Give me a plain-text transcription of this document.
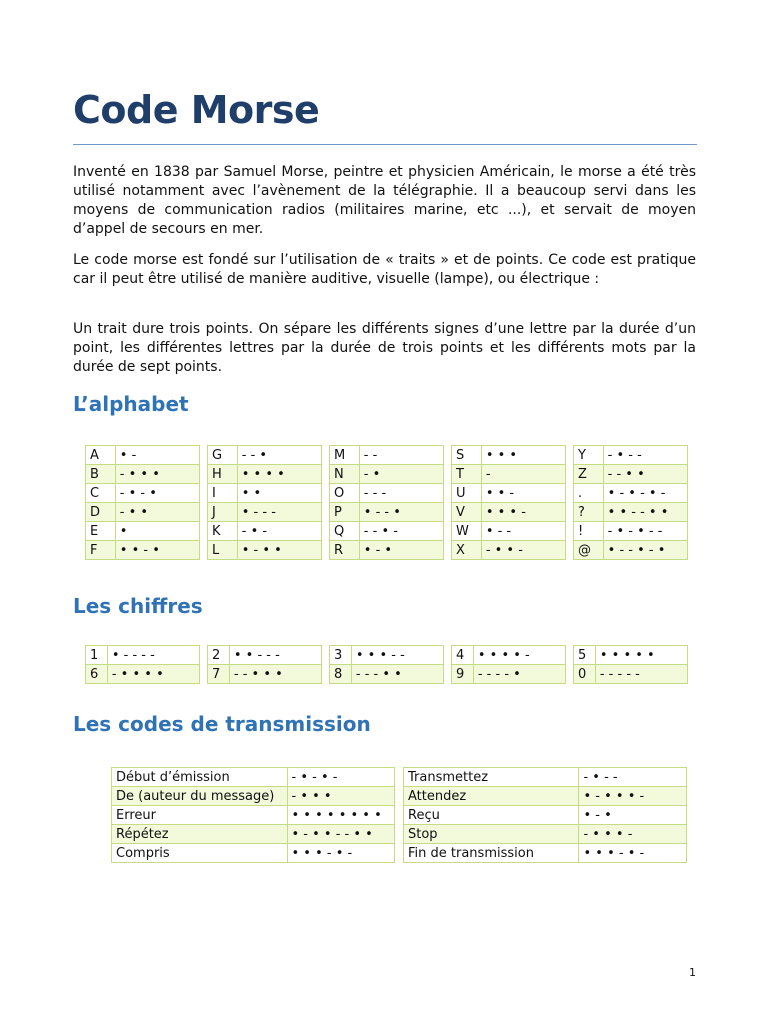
Code Morse

Inventé en 1838 par Samuel Morse, peintre et physicien Américain, le morse a été très utilisé notamment avec l’avènement de la télégraphie. Il a beaucoup servi dans les moyens de communication radios (militaires marine, etc ...), et servait de moyen d’appel de secours en mer.

Le code morse est fondé sur l’utilisation de « traits » et de points. Ce code est pratique car il peut être utilisé de manière auditive, visuelle (lampe), ou électrique :

Un trait dure trois points. On sépare les différents signes d’une lettre par la durée d’un point, les différentes lettres par la durée de trois points et les différents mots par la durée de sept points.

L’alphabet
A	• -
B	- • • •
C	- • - •
D	- • •
E	•
F	• • - •
G	- - •
H	• • • •
I	• •
J	• - - -
K	- • -
L	• - • •
M	- -
N	- •
O	- - -
P	• - - •
Q	- - • -
R	• - •
S	• • •
T	-
U	• • -
V	• • • -
W	• - -
X	- • • -
Y	- • - -
Z	- - • •
.	• - • - • -
?	• • - - • •
!	- • - • - -
@	• - - • - •
Les chiffres
1	• - - - -
6	- • • • •
2	• • - - -
7	- - • • •
3	• • • - -
8	- - - • •
4	• • • • -
9	- - - - •
5	• • • • •
0	- - - - -
Les codes de transmission
Début d’émission	- • - • -
De (auteur du message)	- • • •
Erreur	• • • • • • • •
Répétez	• - • • - - • •
Compris	• • • - • -
Transmettez	- • - -
Attendez	• - • • • -
Reçu	• - •
Stop	- • • • -
Fin de transmission	• • • - • -
1
